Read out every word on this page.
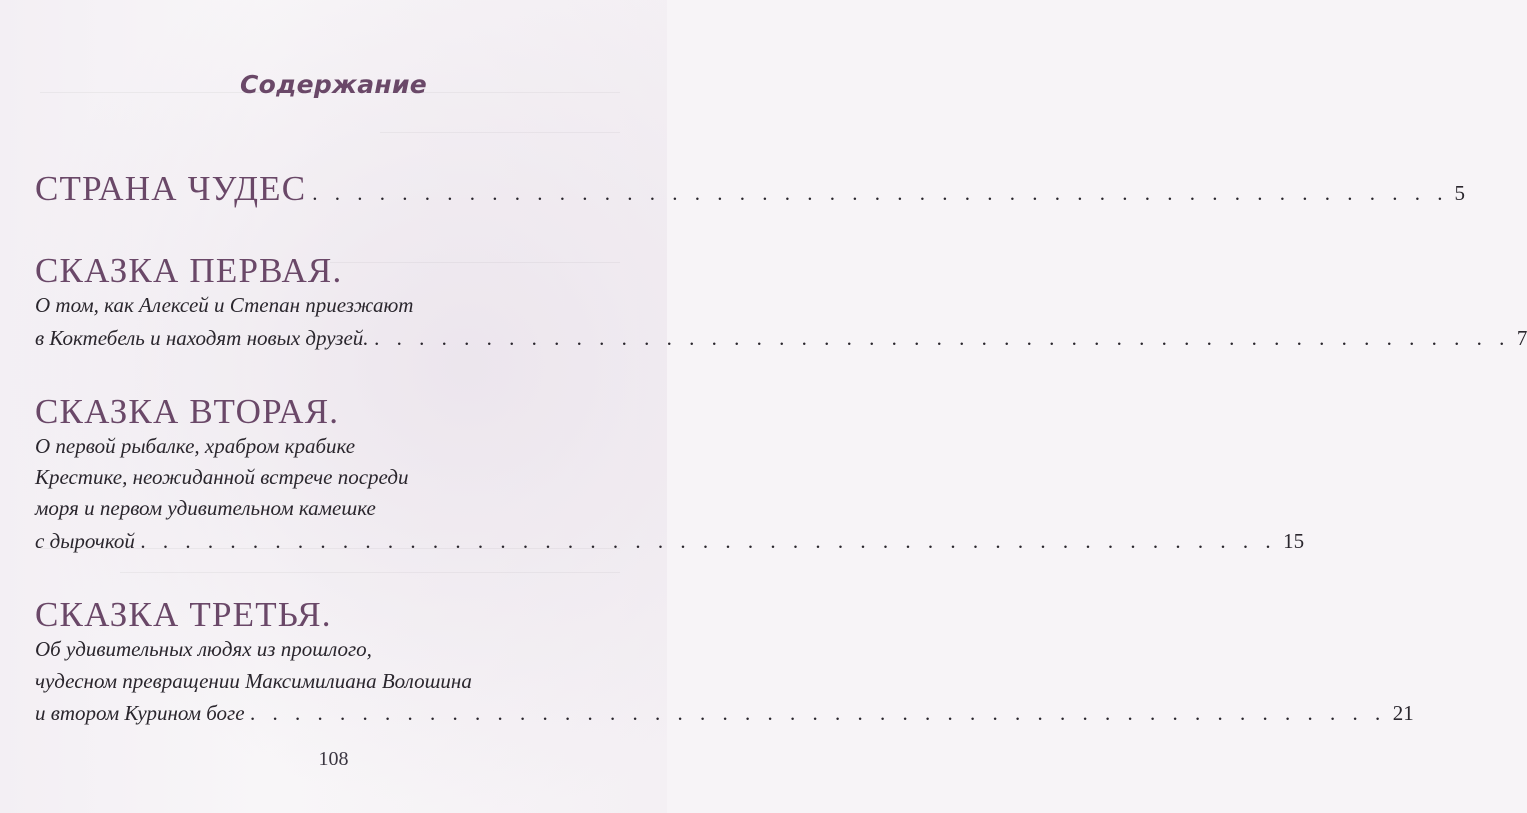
Содержание
СТРАНА ЧУДЕС . . . . . . . . . . . . . . . . . . . . . . . . . . . . . . . . . . . . . . . . . . . . . . . . . . . 5
СКАЗКА ПЕРВАЯ.
О том, как Алексей и Степан приезжают
в Коктебель и находят новых друзей. . . . . . . . . . . . . . . . . . . . . . . . . . . . . . . . . . . . . . . . . . . . . . . . . . . . 7
СКАЗКА ВТОРАЯ.
О первой рыбалке, храбром крабике
Крестике, неожиданной встрече посреди
моря и первом удивительном камешке
с дырочкой . . . . . . . . . . . . . . . . . . . . . . . . . . . . . . . . . . . . . . . . . . . . . . . . . . . 15
СКАЗКА ТРЕТЬЯ.
Об удивительных людях из прошлого,
чудесном превращении Максимилиана Волошина
и втором Курином боге . . . . . . . . . . . . . . . . . . . . . . . . . . . . . . . . . . . . . . . . . . . . . . . . . . . 21
108
